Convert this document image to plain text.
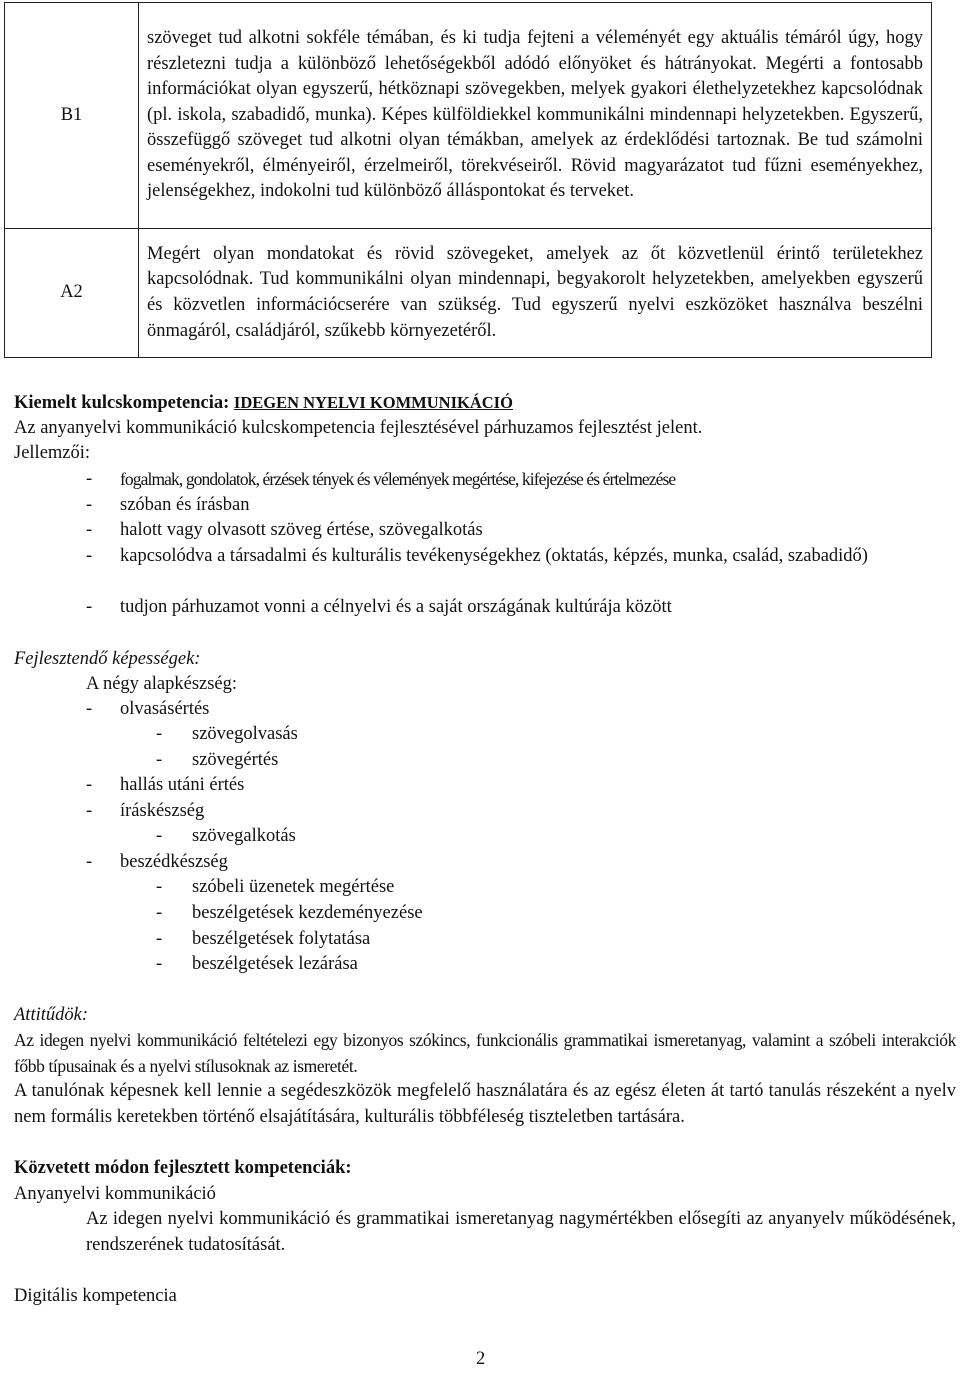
B1	szöveget tud alkotni sokféle témában, és ki tudja fejteni a véleményét egy aktuális témáról úgy, hogy részletezni tudja a különböző lehetőségekből adódó előnyöket és hátrányokat. Megérti a fontosabb információkat olyan egyszerű, hétköznapi szövegekben, melyek gyakori élethelyzetekhez kapcsolódnak (pl. iskola, szabadidő, munka). Képes külföldiekkel kommunikálni mindennapi helyzetekben. Egyszerű, összefüggő szöveget tud alkotni olyan témákban, amelyek az érdeklődési tartoznak. Be tud számolni eseményekről, élményeiről, érzelmeiről, törekvéseiről. Rövid magyarázatot tud fűzni eseményekhez, jelenségekhez, indokolni tud különböző álláspontokat és terveket.
A2	Megért olyan mondatokat és rövid szövegeket, amelyek az őt közvetlenül érintő területekhez kapcsolódnak. Tud kommunikálni olyan mindennapi, begyakorolt helyzetekben, amelyekben egyszerű és közvetlen információcserére van szükség. Tud egyszerű nyelvi eszközöket használva beszélni önmagáról, családjáról, szűkebb környezetéről.
Kiemelt kulcskompetencia: IDEGEN NYELVI KOMMUNIKÁCIÓ
Az anyanyelvi kommunikáció kulcskompetencia fejlesztésével párhuzamos fejlesztést jelent.
Jellemzői:
- fogalmak, gondolatok, érzések tények és vélemények megértése, kifejezése és értelmezése
- szóban és írásban
- halott vagy olvasott szöveg értése, szövegalkotás
- kapcsolódva a társadalmi és kulturális tevékenységekhez (oktatás, képzés, munka, család, szabadidő)
- tudjon párhuzamot vonni a célnyelvi és a saját országának kultúrája között
Fejlesztendő képességek:
A négy alapkészség:
- olvasásértés
- szövegolvasás
- szövegértés
- hallás utáni értés
- íráskészség
- szövegalkotás
- beszédkészség
- szóbeli üzenetek megértése
- beszélgetések kezdeményezése
- beszélgetések folytatása
- beszélgetések lezárása
Attitűdök:
Az idegen nyelvi kommunikáció feltételezi egy bizonyos szókincs, funkcionális grammatikai ismeretanyag, valamint a szóbeli interakciók főbb típusainak és a nyelvi stílusoknak az ismeretét.
A tanulónak képesnek kell lennie a segédeszközök megfelelő használatára és az egész életen át tartó tanulás részeként a nyelv nem formális keretekben történő elsajátítására, kulturális többféleség tiszteletben tartására.
Közvetett módon fejlesztett kompetenciák:
Anyanyelvi kommunikáció
Az idegen nyelvi kommunikáció és grammatikai ismeretanyag nagymértékben elősegíti az anyanyelv működésének, rendszerének tudatosítását.
Digitális kompetencia
2
